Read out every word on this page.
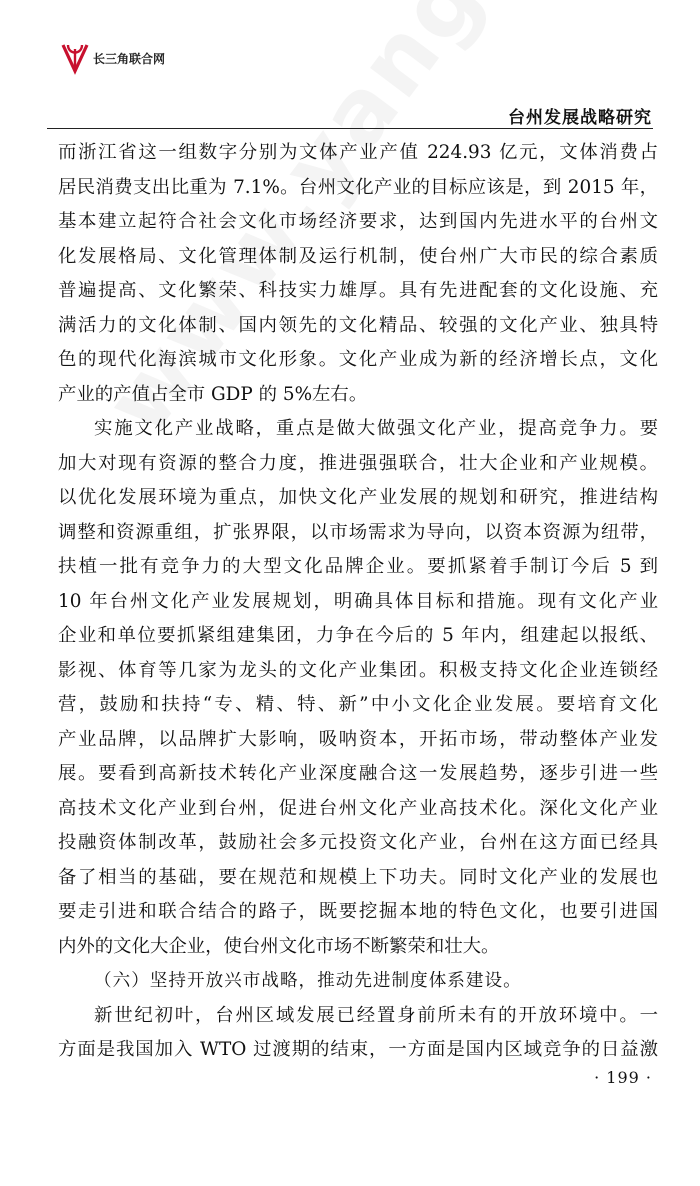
长三角联合网
台州发展战略研究
而浙江省这一组数字分别为文体产业产值 224.93 亿元，文体消费占
居民消费支出比重为 7.1%。台州文化产业的目标应该是，到 2015 年，
基本建立起符合社会文化市场经济要求，达到国内先进水平的台州文
化发展格局、文化管理体制及运行机制，使台州广大市民的综合素质
普遍提高、文化繁荣、科技实力雄厚。具有先进配套的文化设施、充
满活力的文化体制、国内领先的文化精品、较强的文化产业、独具特
色的现代化海滨城市文化形象。文化产业成为新的经济增长点，文化
产业的产值占全市 GDP 的 5%左右。
实施文化产业战略，重点是做大做强文化产业，提高竞争力。要
加大对现有资源的整合力度，推进强强联合，壮大企业和产业规模。
以优化发展环境为重点，加快文化产业发展的规划和研究，推进结构
调整和资源重组，扩张界限，以市场需求为导向，以资本资源为纽带，
扶植一批有竞争力的大型文化品牌企业。要抓紧着手制订今后 5 到
10 年台州文化产业发展规划，明确具体目标和措施。现有文化产业
企业和单位要抓紧组建集团，力争在今后的 5 年内，组建起以报纸、
影视、体育等几家为龙头的文化产业集团。积极支持文化企业连锁经
营，鼓励和扶持“专、精、特、新”中小文化企业发展。要培育文化
产业品牌，以品牌扩大影响，吸呐资本，开拓市场，带动整体产业发
展。要看到高新技术转化产业深度融合这一发展趋势，逐步引进一些
高技术文化产业到台州，促进台州文化产业高技术化。深化文化产业
投融资体制改革，鼓励社会多元投资文化产业，台州在这方面已经具
备了相当的基础，要在规范和规模上下功夫。同时文化产业的发展也
要走引进和联合结合的路子，既要挖掘本地的特色文化，也要引进国
内外的文化大企业，使台州文化市场不断繁荣和壮大。
（六）坚持开放兴市战略，推动先进制度体系建设。
新世纪初叶，台州区域发展已经置身前所未有的开放环境中。一
方面是我国加入 WTO 过渡期的结束，一方面是国内区域竞争的日益激
· 199 ·
